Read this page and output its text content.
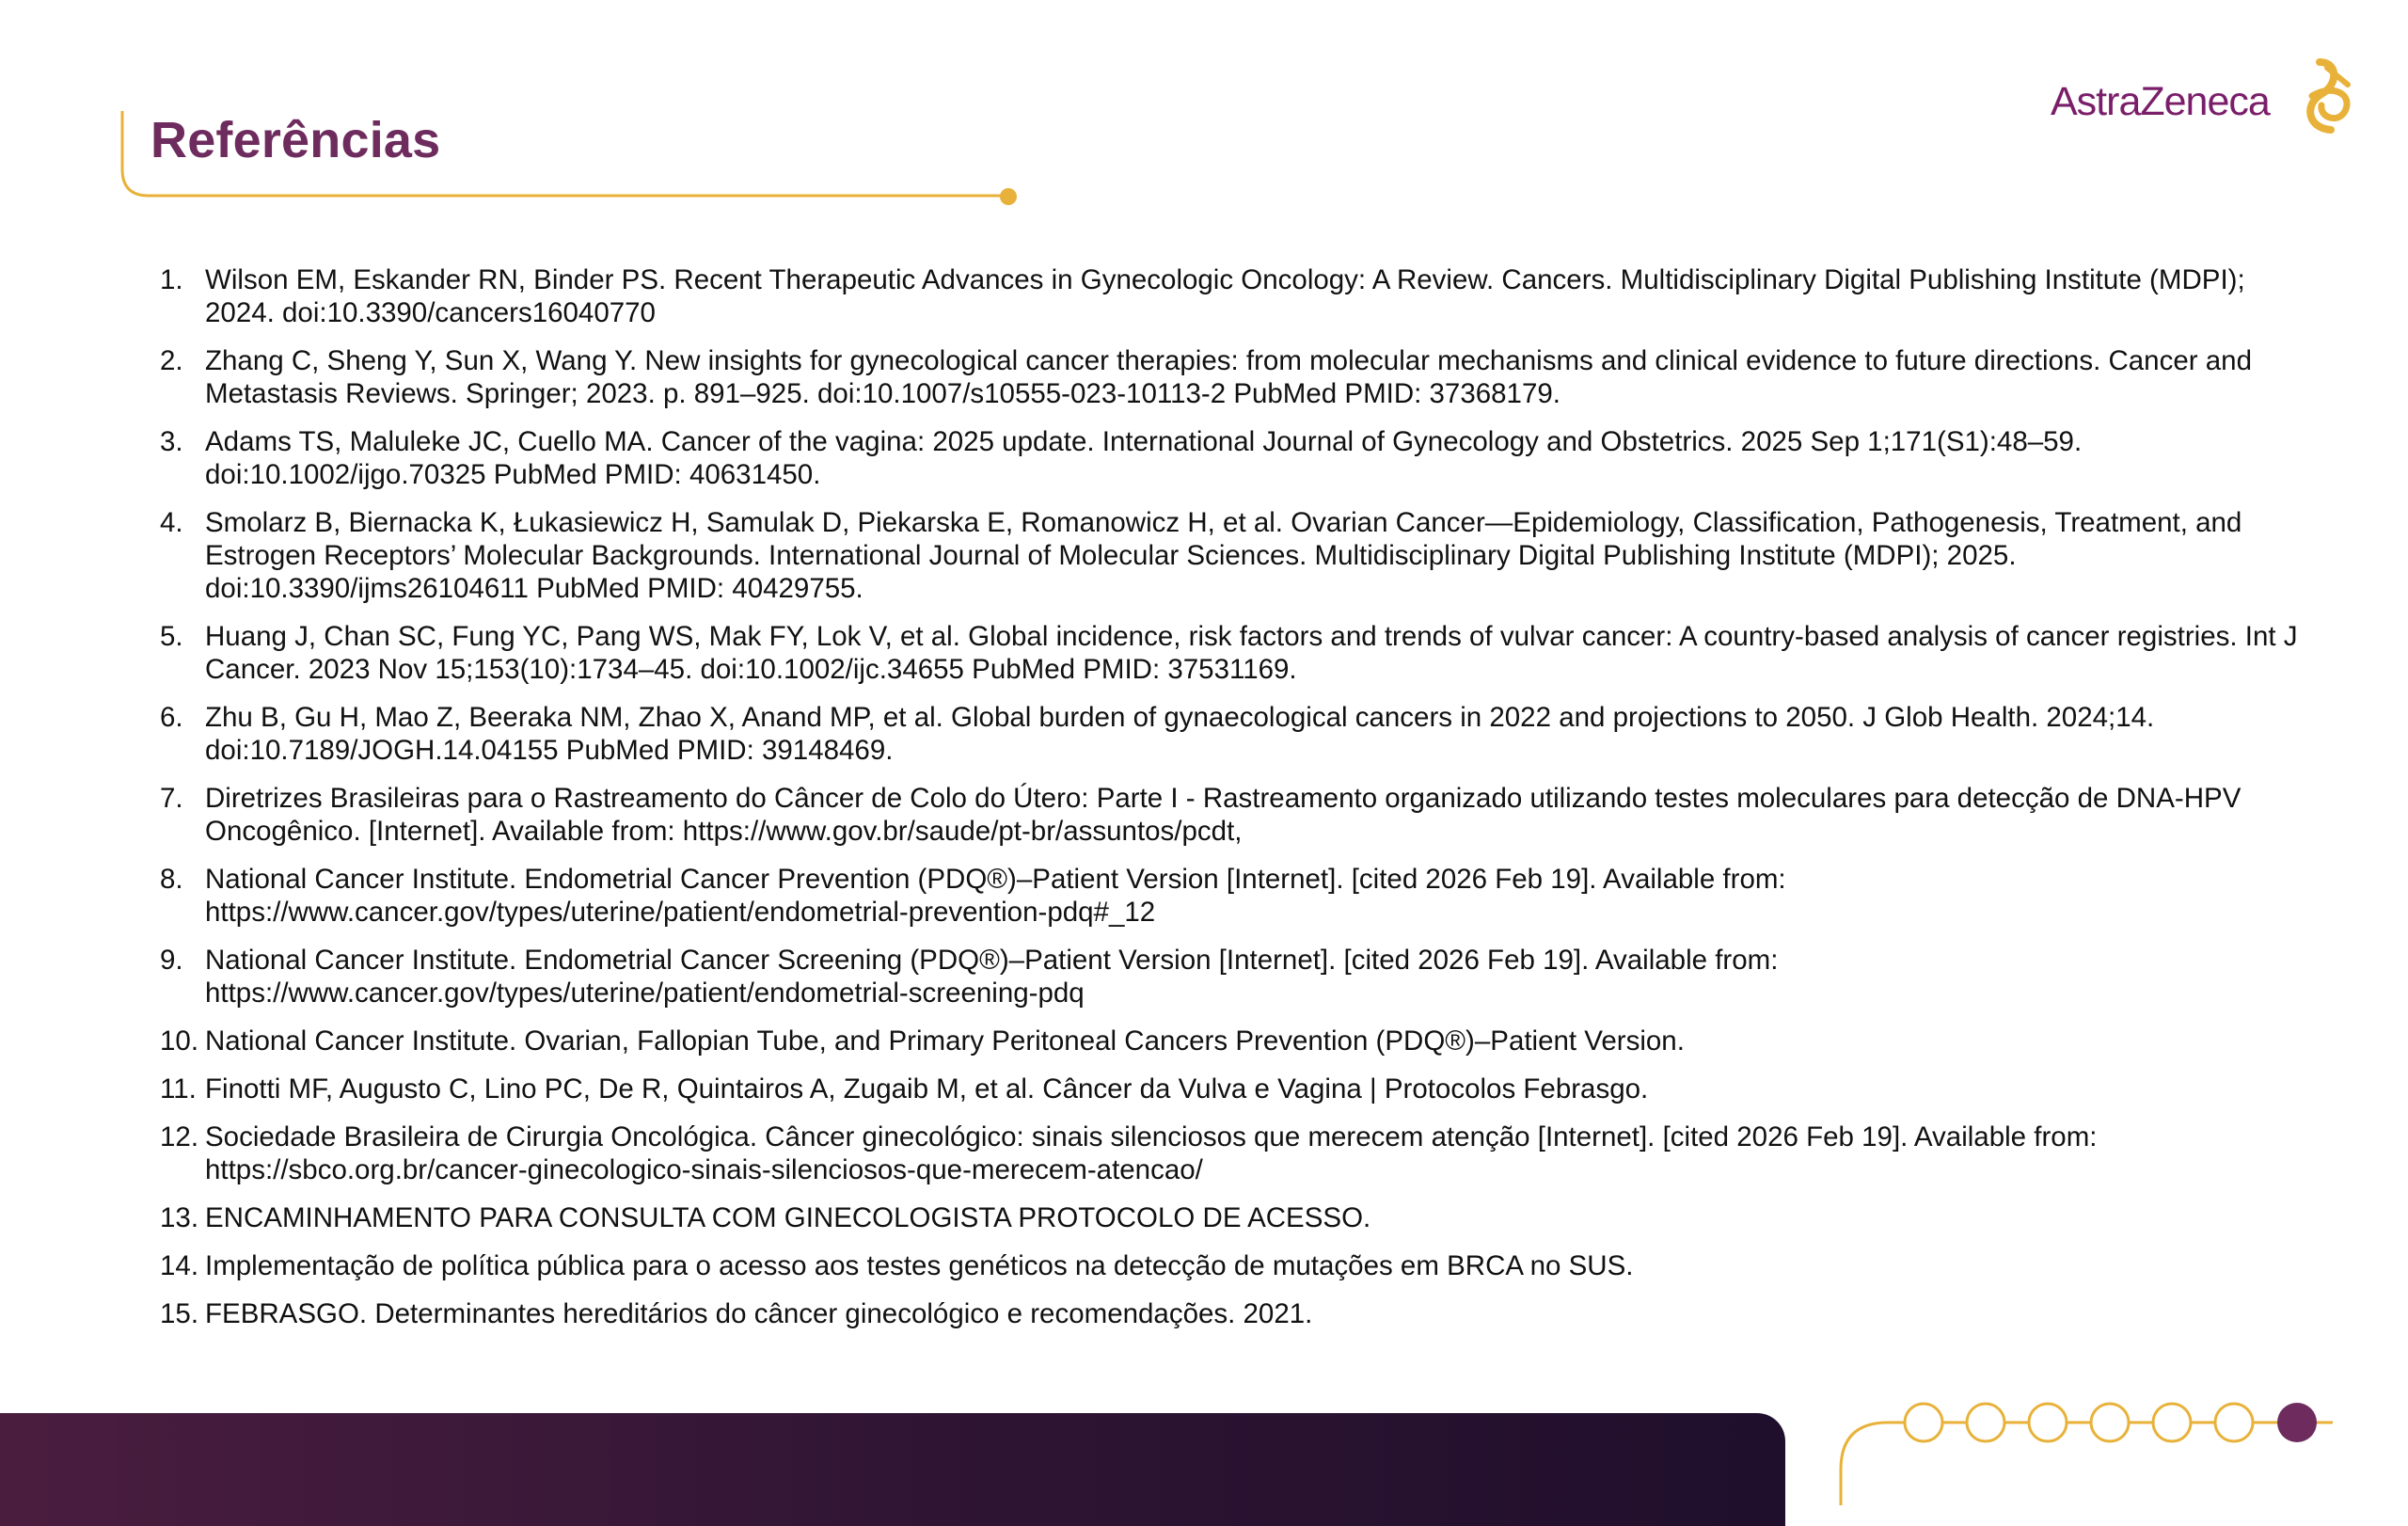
Referências
AstraZeneca
1. Wilson EM, Eskander RN, Binder PS. Recent Therapeutic Advances in Gynecologic Oncology: A Review. Cancers. Multidisciplinary Digital Publishing Institute (MDPI); 2024. doi:10.3390/cancers16040770
2. Zhang C, Sheng Y, Sun X, Wang Y. New insights for gynecological cancer therapies: from molecular mechanisms and clinical evidence to future directions. Cancer and Metastasis Reviews. Springer; 2023. p. 891–925. doi:10.1007/s10555-023-10113-2 PubMed PMID: 37368179.
3. Adams TS, Maluleke JC, Cuello MA. Cancer of the vagina: 2025 update. International Journal of Gynecology and Obstetrics. 2025 Sep 1;171(S1):48–59. doi:10.1002/ijgo.70325 PubMed PMID: 40631450.
4. Smolarz B, Biernacka K, Łukasiewicz H, Samulak D, Piekarska E, Romanowicz H, et al. Ovarian Cancer—Epidemiology, Classification, Pathogenesis, Treatment, and Estrogen Receptors’ Molecular Backgrounds. International Journal of Molecular Sciences. Multidisciplinary Digital Publishing Institute (MDPI); 2025. doi:10.3390/ijms26104611 PubMed PMID: 40429755.
5. Huang J, Chan SC, Fung YC, Pang WS, Mak FY, Lok V, et al. Global incidence, risk factors and trends of vulvar cancer: A country-based analysis of cancer registries. Int J Cancer. 2023 Nov 15;153(10):1734–45. doi:10.1002/ijc.34655 PubMed PMID: 37531169.
6. Zhu B, Gu H, Mao Z, Beeraka NM, Zhao X, Anand MP, et al. Global burden of gynaecological cancers in 2022 and projections to 2050. J Glob Health. 2024;14. doi:10.7189/JOGH.14.04155 PubMed PMID: 39148469.
7. Diretrizes Brasileiras para o Rastreamento do Câncer de Colo do Útero: Parte I - Rastreamento organizado utilizando testes moleculares para detecção de DNA-HPV Oncogênico. [Internet]. Available from: https://www.gov.br/saude/pt-br/assuntos/pcdt,
8. National Cancer Institute. Endometrial Cancer Prevention (PDQ®)–Patient Version [Internet]. [cited 2026 Feb 19]. Available from: https://www.cancer.gov/types/uterine/patient/endometrial-prevention-pdq#_12
9. National Cancer Institute. Endometrial Cancer Screening (PDQ®)–Patient Version [Internet]. [cited 2026 Feb 19]. Available from: https://www.cancer.gov/types/uterine/patient/endometrial-screening-pdq
10. National Cancer Institute. Ovarian, Fallopian Tube, and Primary Peritoneal Cancers Prevention (PDQ®)–Patient Version.
11. Finotti MF, Augusto C, Lino PC, De R, Quintairos A, Zugaib M, et al. Câncer da Vulva e Vagina | Protocolos Febrasgo.
12. Sociedade Brasileira de Cirurgia Oncológica. Câncer ginecológico: sinais silenciosos que merecem atenção [Internet]. [cited 2026 Feb 19]. Available from: https://sbco.org.br/cancer-ginecologico-sinais-silenciosos-que-merecem-atencao/
13. ENCAMINHAMENTO PARA CONSULTA COM GINECOLOGISTA PROTOCOLO DE ACESSO.
14. Implementação de política pública para o acesso aos testes genéticos na detecção de mutações em BRCA no SUS.
15. FEBRASGO. Determinantes hereditários do câncer ginecológico e recomendações. 2021.
